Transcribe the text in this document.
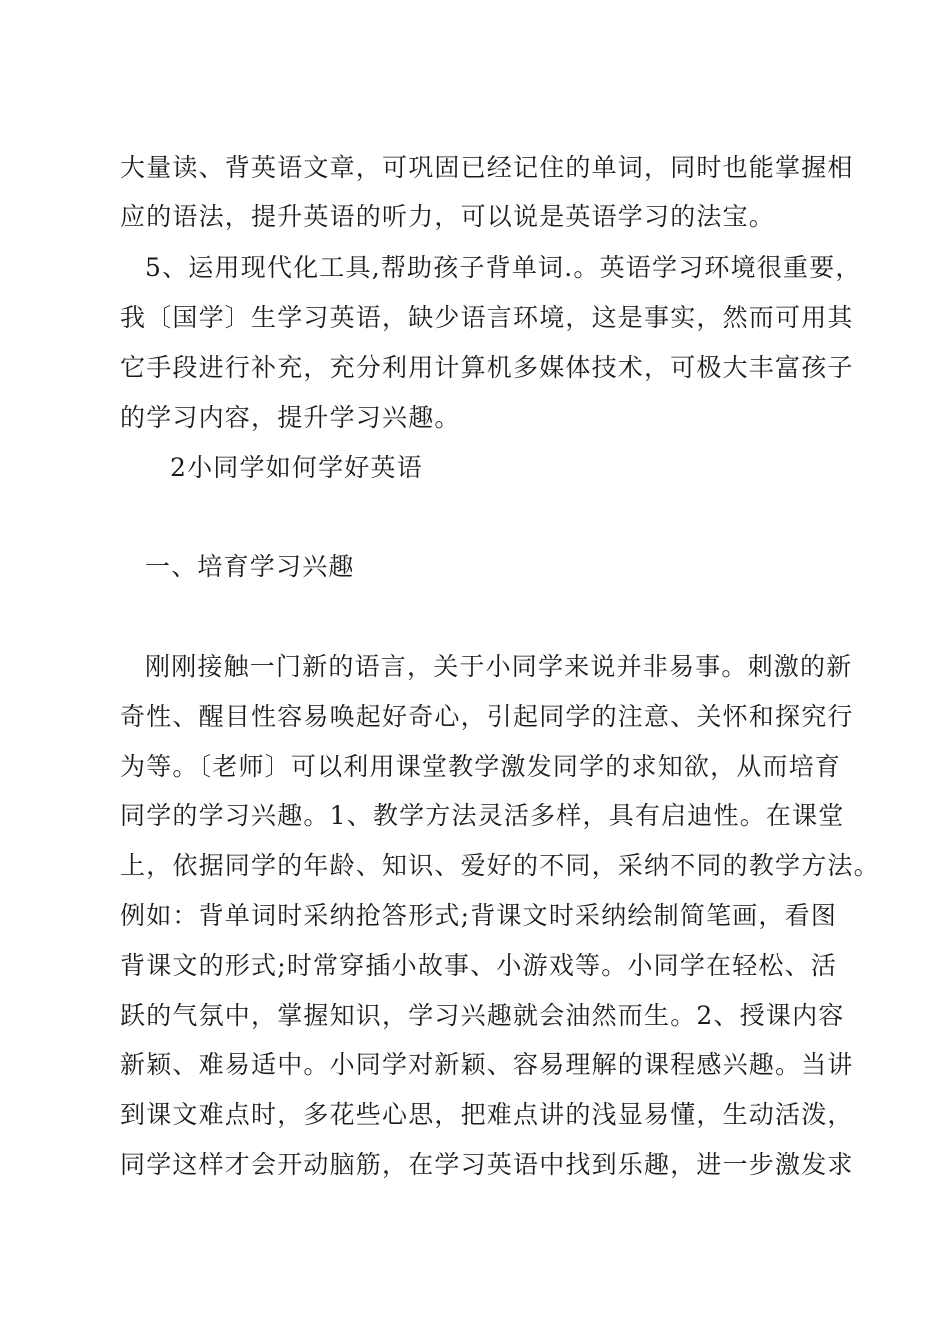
大量读、背英语文章，可巩固已经记住的单词，同时也能掌握相
应的语法，提升英语的听力，可以说是英语学习的法宝。
5、运用现代化工具,帮助孩子背单词.。英语学习环境很重要，
我〔国学〕生学习英语，缺少语言环境，这是事实，然而可用其
它手段进行补充，充分利用计算机多媒体技术，可极大丰富孩子
的学习内容，提升学习兴趣。
2小同学如何学好英语
一、培育学习兴趣
刚刚接触一门新的语言，关于小同学来说并非易事。刺激的新
奇性、醒目性容易唤起好奇心，引起同学的注意、关怀和探究行
为等。〔老师〕可以利用课堂教学激发同学的求知欲，从而培育
同学的学习兴趣。1、教学方法灵活多样，具有启迪性。在课堂
上，依据同学的年龄、知识、爱好的不同，采纳不同的教学方法。
例如：背单词时采纳抢答形式;背课文时采纳绘制简笔画，看图
背课文的形式;时常穿插小故事、小游戏等。小同学在轻松、活
跃的气氛中，掌握知识，学习兴趣就会油然而生。2、授课内容
新颖、难易适中。小同学对新颖、容易理解的课程感兴趣。当讲
到课文难点时，多花些心思，把难点讲的浅显易懂，生动活泼，
同学这样才会开动脑筋，在学习英语中找到乐趣，进一步激发求
